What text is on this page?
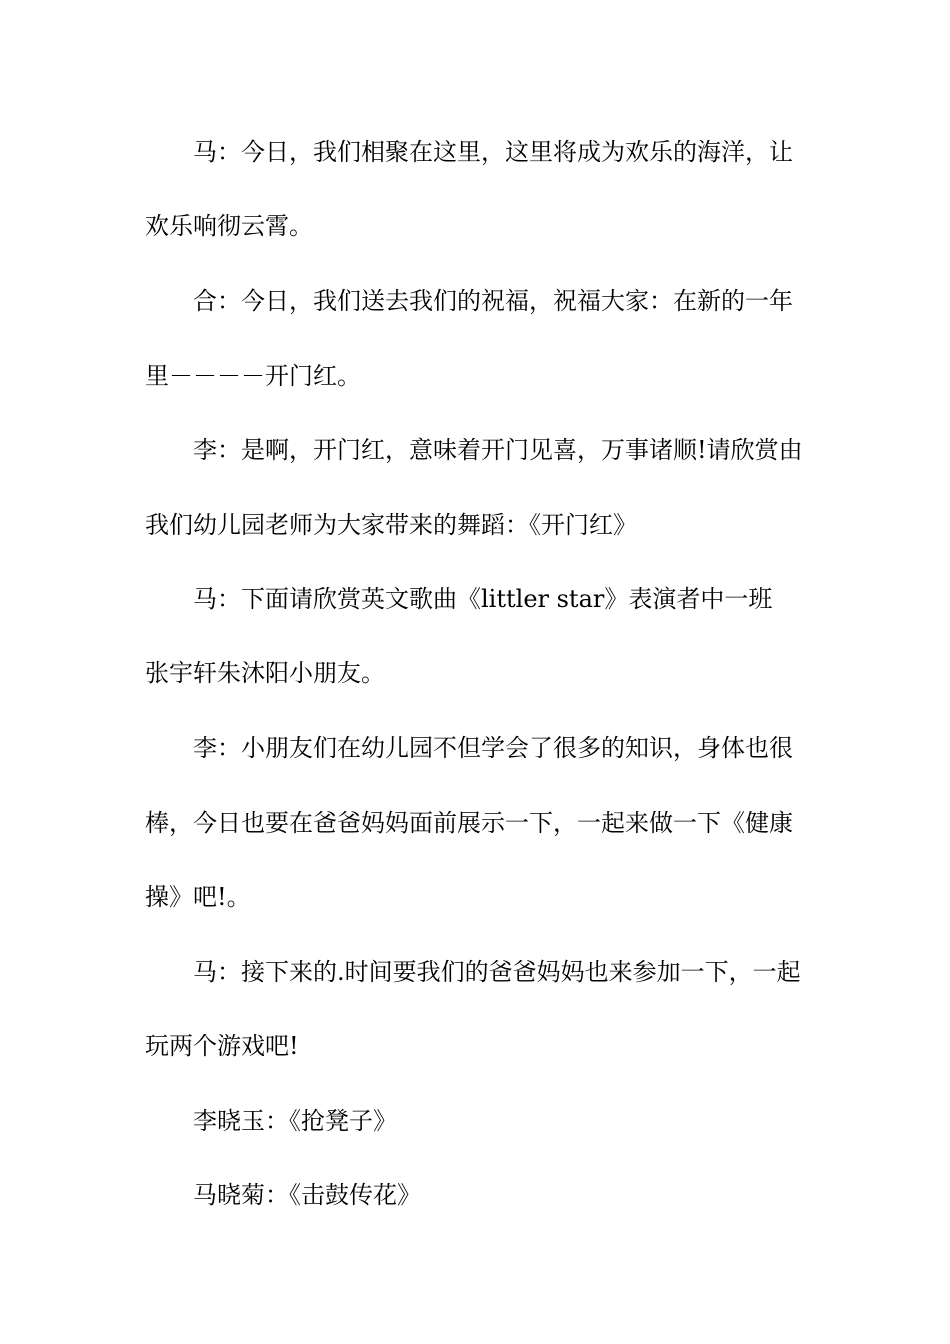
马：今日，我们相聚在这里，这里将成为欢乐的海洋，让
欢乐响彻云霄。
合：今日，我们送去我们的祝福，祝福大家：在新的一年
里－－－－开门红。
李：是啊，开门红，意味着开门见喜，万事诸顺!请欣赏由
我们幼儿园老师为大家带来的舞蹈：《开门红》
马：下面请欣赏英文歌曲《littler star》表演者中一班
张宇轩朱沐阳小朋友。
李：小朋友们在幼儿园不但学会了很多的知识，身体也很
棒，今日也要在爸爸妈妈面前展示一下，一起来做一下《健康
操》吧!。
马：接下来的.时间要我们的爸爸妈妈也来参加一下，一起
玩两个游戏吧!
李晓玉：《抢凳子》
马晓菊：《击鼓传花》
